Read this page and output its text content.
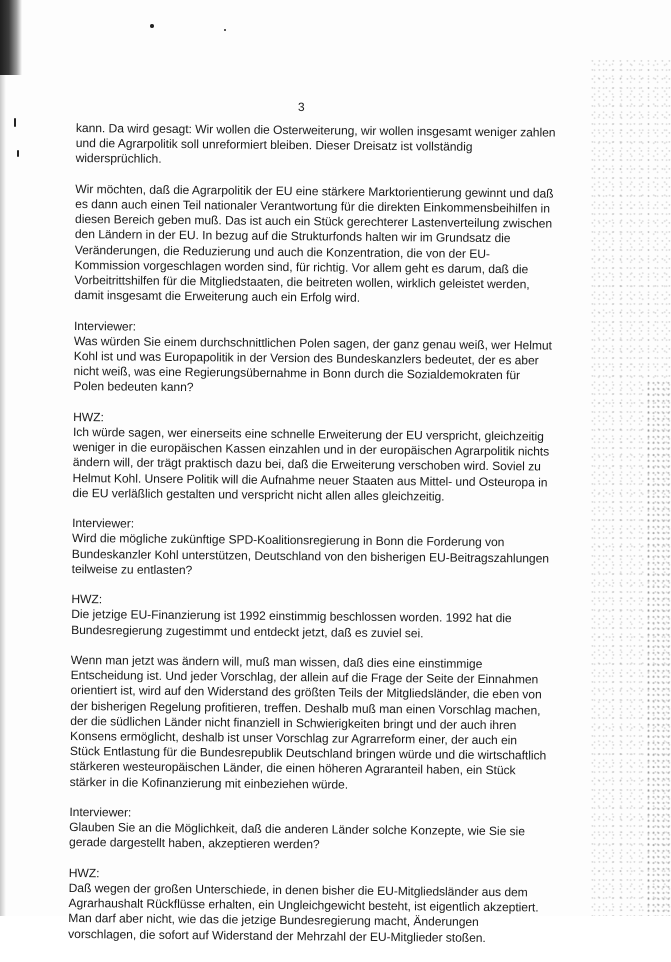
3

kann. Da wird gesagt: Wir wollen die Osterweiterung, wir wollen insgesamt weniger zahlen und die Agrarpolitik soll unreformiert bleiben. Dieser Dreisatz ist vollständig widersprüchlich.

Wir möchten, daß die Agrarpolitik der EU eine stärkere Marktorientierung gewinnt und daß es dann auch einen Teil nationaler Verantwortung für die direkten Einkommensbeihilfen in diesen Bereich geben muß. Das ist auch ein Stück gerechterer Lastenverteilung zwischen den Ländern in der EU. In bezug auf die Strukturfonds halten wir im Grundsatz die Veränderungen, die Reduzierung und auch die Konzentration, die von der EU-Kommission vorgeschlagen worden sind, für richtig. Vor allem geht es darum, daß die Vorbeitrittshilfen für die Mitgliedstaaten, die beitreten wollen, wirklich geleistet werden, damit insgesamt die Erweiterung auch ein Erfolg wird.

Interviewer:
Was würden Sie einem durchschnittlichen Polen sagen, der ganz genau weiß, wer Helmut Kohl ist und was Europapolitik in der Version des Bundeskanzlers bedeutet, der es aber nicht weiß, was eine Regierungsübernahme in Bonn durch die Sozialdemokraten für Polen bedeuten kann?

HWZ:
Ich würde sagen, wer einerseits eine schnelle Erweiterung der EU verspricht, gleichzeitig weniger in die europäischen Kassen einzahlen und in der europäischen Agrarpolitik nichts ändern will, der trägt praktisch dazu bei, daß die Erweiterung verschoben wird. Soviel zu Helmut Kohl. Unsere Politik will die Aufnahme neuer Staaten aus Mittel- und Osteuropa in die EU verläßlich gestalten und verspricht nicht allen alles gleichzeitig.

Interviewer:
Wird die mögliche zukünftige SPD-Koalitionsregierung in Bonn die Forderung von Bundeskanzler Kohl unterstützen, Deutschland von den bisherigen EU-Beitragszahlungen teilweise zu entlasten?

HWZ:
Die jetzige EU-Finanzierung ist 1992 einstimmig beschlossen worden. 1992 hat die Bundesregierung zugestimmt und entdeckt jetzt, daß es zuviel sei.

Wenn man jetzt was ändern will, muß man wissen, daß dies eine einstimmige Entscheidung ist. Und jeder Vorschlag, der allein auf die Frage der Seite der Einnahmen orientiert ist, wird auf den Widerstand des größten Teils der Mitgliedsländer, die eben von der bisherigen Regelung profitieren, treffen. Deshalb muß man einen Vorschlag machen, der die südlichen Länder nicht finanziell in Schwierigkeiten bringt und der auch ihren Konsens ermöglicht, deshalb ist unser Vorschlag zur Agrarreform einer, der auch ein Stück Entlastung für die Bundesrepublik Deutschland bringen würde und die wirtschaftlich stärkeren westeuropäischen Länder, die einen höheren Agraranteil haben, ein Stück stärker in die Kofinanzierung mit einbeziehen würde.

Interviewer:
Glauben Sie an die Möglichkeit, daß die anderen Länder solche Konzepte, wie Sie sie gerade dargestellt haben, akzeptieren werden?

HWZ:
Daß wegen der großen Unterschiede, in denen bisher die EU-Mitgliedsländer aus dem Agrarhaushalt Rückflüsse erhalten, ein Ungleichgewicht besteht, ist eigentlich akzeptiert. Man darf aber nicht, wie das die jetzige Bundesregierung macht, Änderungen vorschlagen, die sofort auf Widerstand der Mehrzahl der EU-Mitglieder stoßen.
